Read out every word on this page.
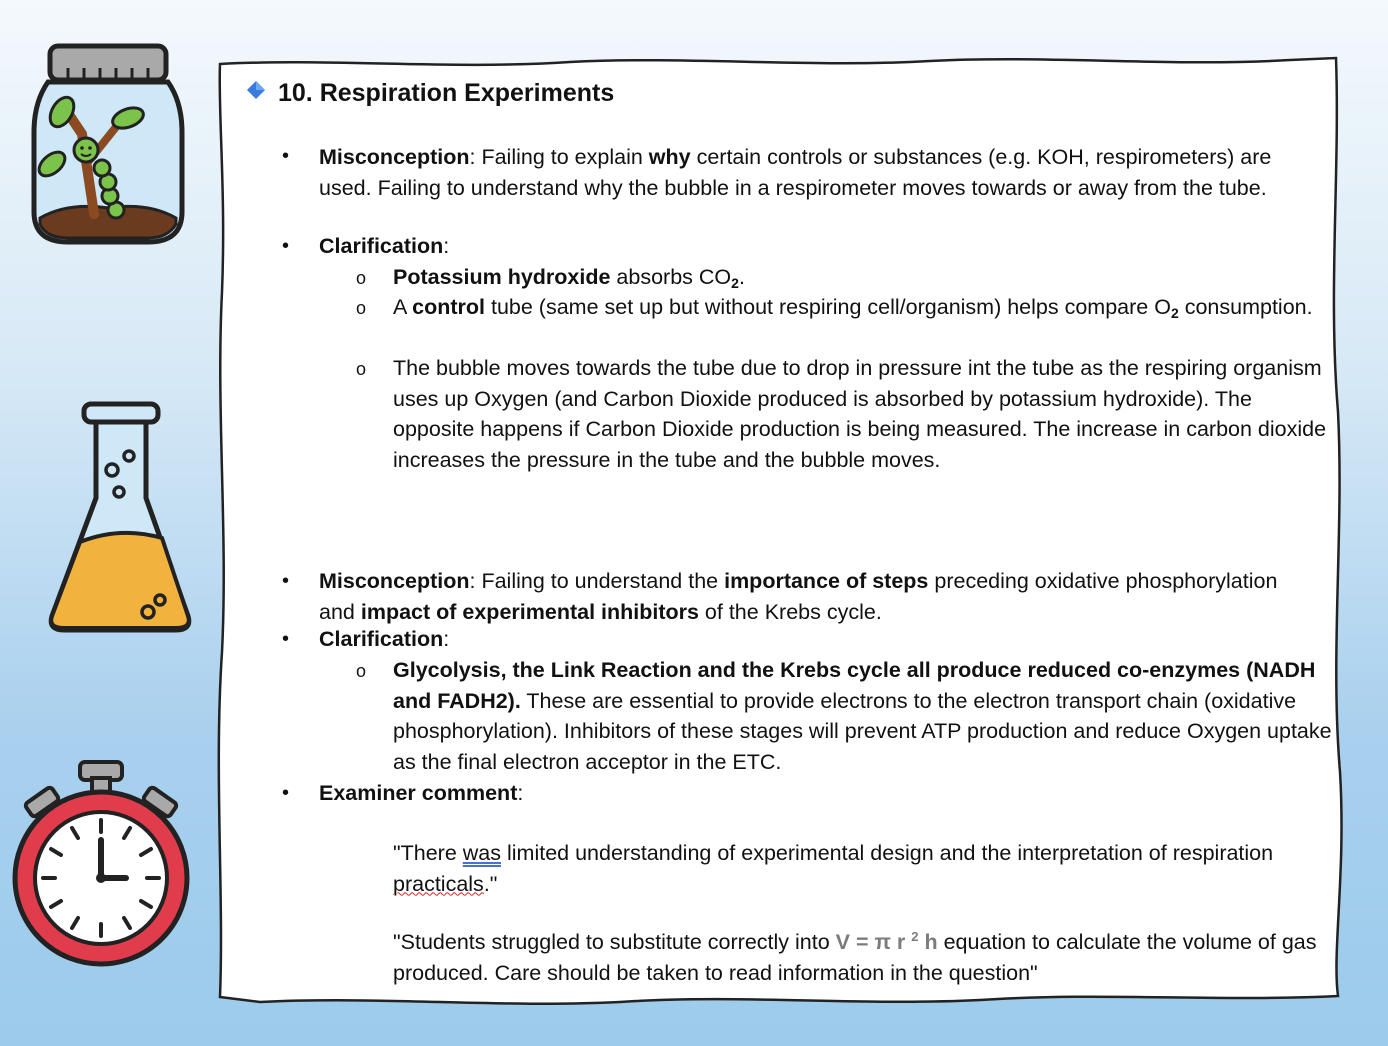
10. Respiration Experiments
• Misconception: Failing to explain why certain controls or substances (e.g. KOH, respirometers) are used. Failing to understand why the bubble in a respirometer moves towards or away from the tube.
• Clarification:
o Potassium hydroxide absorbs $CO_2$.
o A control tube (same set up but without respiring cell/organism) helps compare $O_2$ consumption.
o The bubble moves towards the tube due to drop in pressure int the tube as the respiring organism uses up Oxygen (and Carbon Dioxide produced is absorbed by potassium hydroxide). The opposite happens if Carbon Dioxide production is being measured. The increase in carbon dioxide increases the pressure in the tube and the bubble moves.
• Misconception: Failing to understand the importance of steps preceding oxidative phosphorylation and impact of experimental inhibitors of the Krebs cycle.
• Clarification:
o Glycolysis, the Link Reaction and the Krebs cycle all produce reduced co-enzymes (NADH and FADH2). These are essential to provide electrons to the electron transport chain (oxidative phosphorylation). Inhibitors of these stages will prevent ATP production and reduce Oxygen uptake as the final electron acceptor in the ETC.
• Examiner comment:
"There was limited understanding of experimental design and the interpretation of respiration practicals."
"Students struggled to substitute correctly into V = π r $^2$ h equation to calculate the volume of gas produced. Care should be taken to read information in the question"
